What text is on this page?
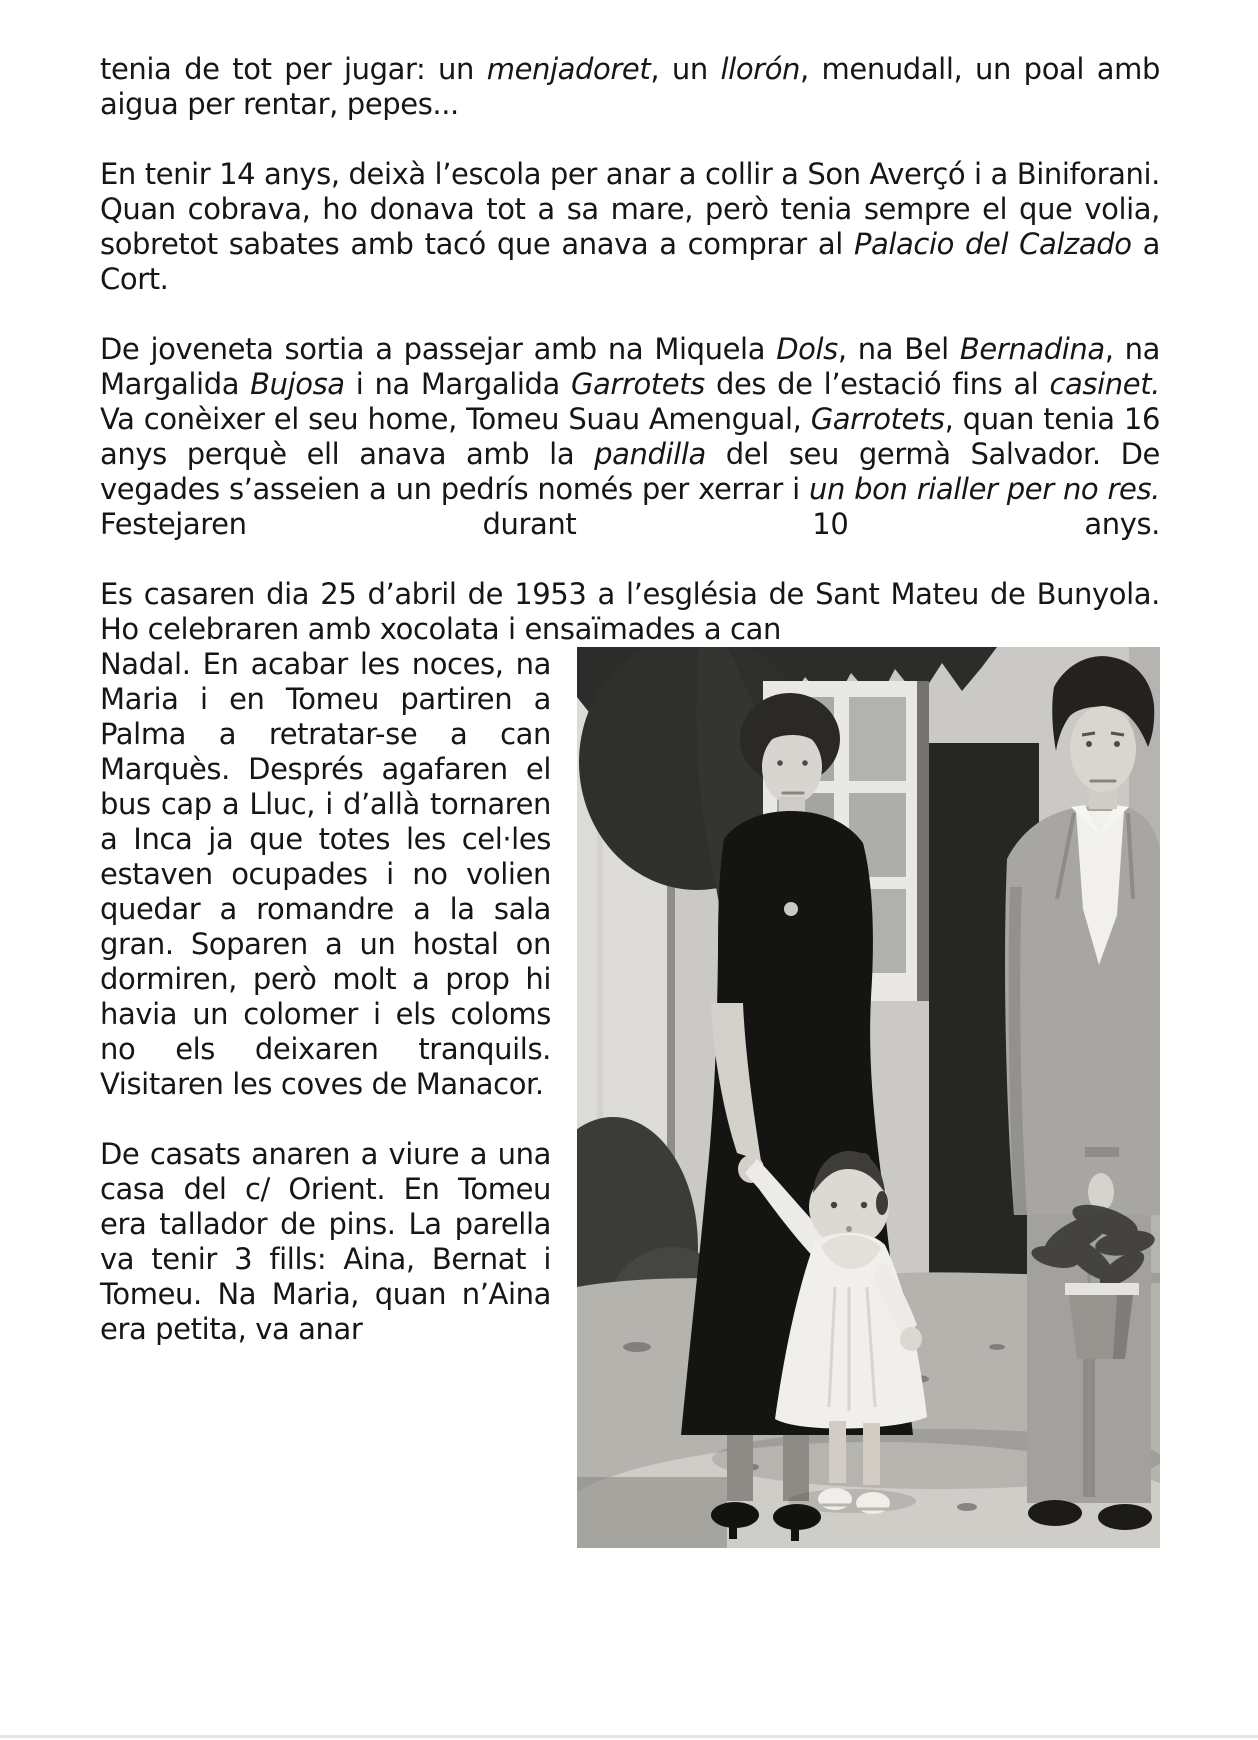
tenia de tot per jugar: un menjadoret, un llorón, menudall, un poal amb aigua per rentar, pepes...

En tenir 14 anys, deixà l’escola per anar a collir a Son Averçó i a Biniforani. Quan cobrava, ho donava tot a sa mare, però tenia sempre el que volia, sobretot sabates amb tacó que anava a comprar al Palacio del Calzado a Cort.

De joveneta sortia a passejar amb na Miquela Dols, na Bel Bernadina, na Margalida Bujosa i na Margalida Garrotets des de l’estació fins al casinet. Va conèixer el seu home, Tomeu Suau Amengual, Garrotets, quan tenia 16 anys perquè ell anava amb la pandilla del seu germà Salvador. De vegades s’asseien a un pedrís només per xerrar i un bon rialler per no res. Festejaren durant 10 anys.

Es casaren dia 25 d’abril de 1953 a l’església de Sant Mateu de Bunyola. Ho celebraren amb xocolata i ensaïmades a can

Nadal. En acabar les noces, na Maria i en Tomeu partiren a Palma a retratar-se a can Marquès. Després agafaren el bus cap a Lluc, i d’allà tornaren a Inca ja que totes les cel·les estaven ocupades i no volien quedar a romandre a la sala gran. Soparen a un hostal on dormiren, però molt a prop hi havia un colomer i els coloms no els deixaren tranquils. Visitaren les coves de Manacor.

De casats anaren a viure a una casa del c/ Orient. En Tomeu era tallador de pins. La parella va tenir 3 fills: Aina, Bernat i Tomeu. Na Maria, quan n’Aina era petita, va anar
